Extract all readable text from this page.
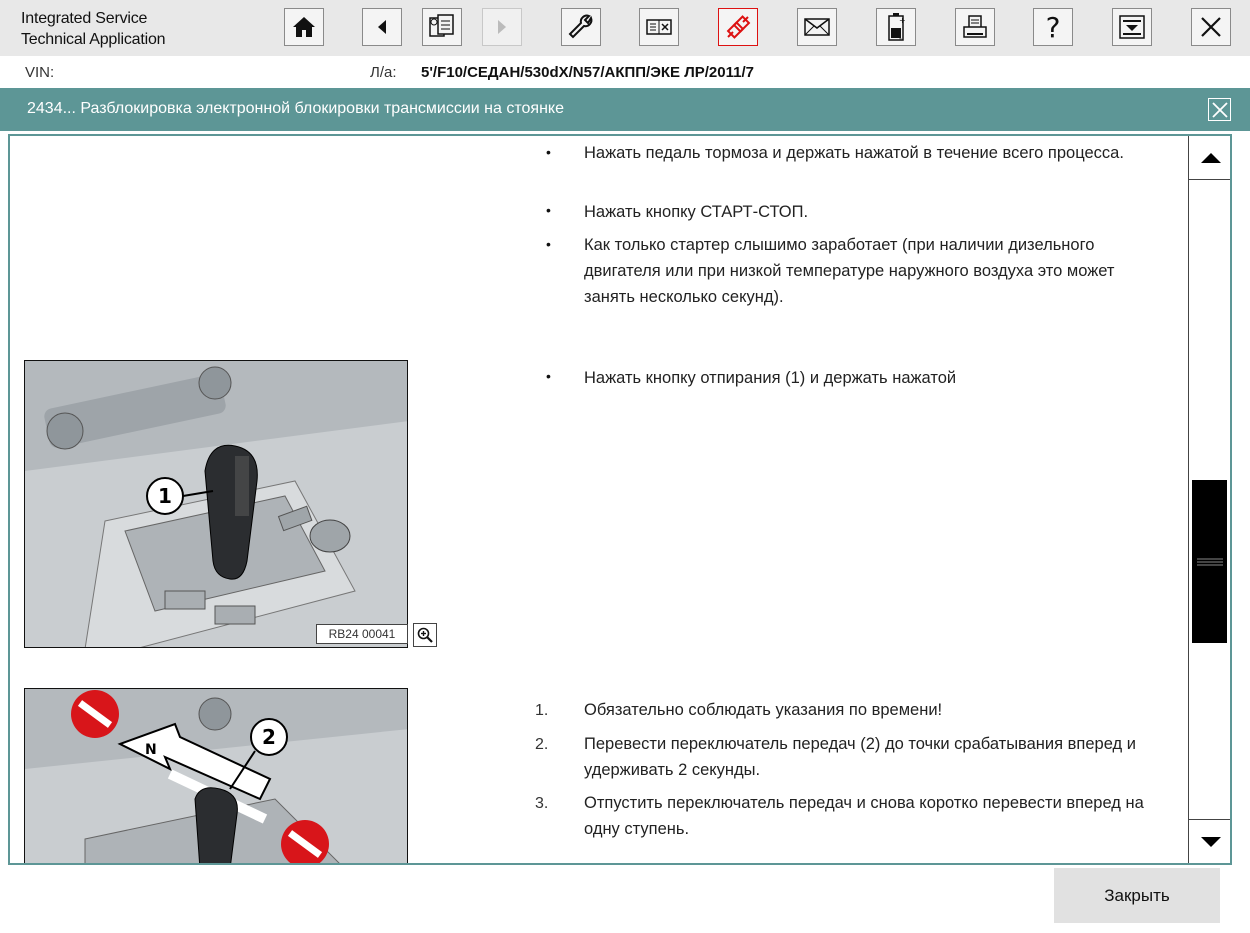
Integrated Service
Technical Application
+
-	?
VIN:	Л/а: 5'/F10/СЕДАН/530dX/N57/АКПП/ЭКЕ ЛР/2011/7
2434... Разблокировка электронной блокировки трансмиссии на стоянке
• Нажать педаль тормоза и держать нажатой в течение всего процесса.
• Нажать кнопку СТАРТ-СТОП.
• Как только стартер слышимо заработает (при наличии дизельного двигателя или при низкой температуре наружного воздуха это может занять несколько секунд).
• Нажать кнопку отпирания (1) и держать нажатой
1
RB24 00041
1. Обязательно соблюдать указания по времени!
2. Перевести переключатель передач (2) до точки срабатывания вперед и удерживать 2 секунды.
3. Отпустить переключатель передач и снова коротко перевести вперед на одну ступень.
N
2
Закрыть
